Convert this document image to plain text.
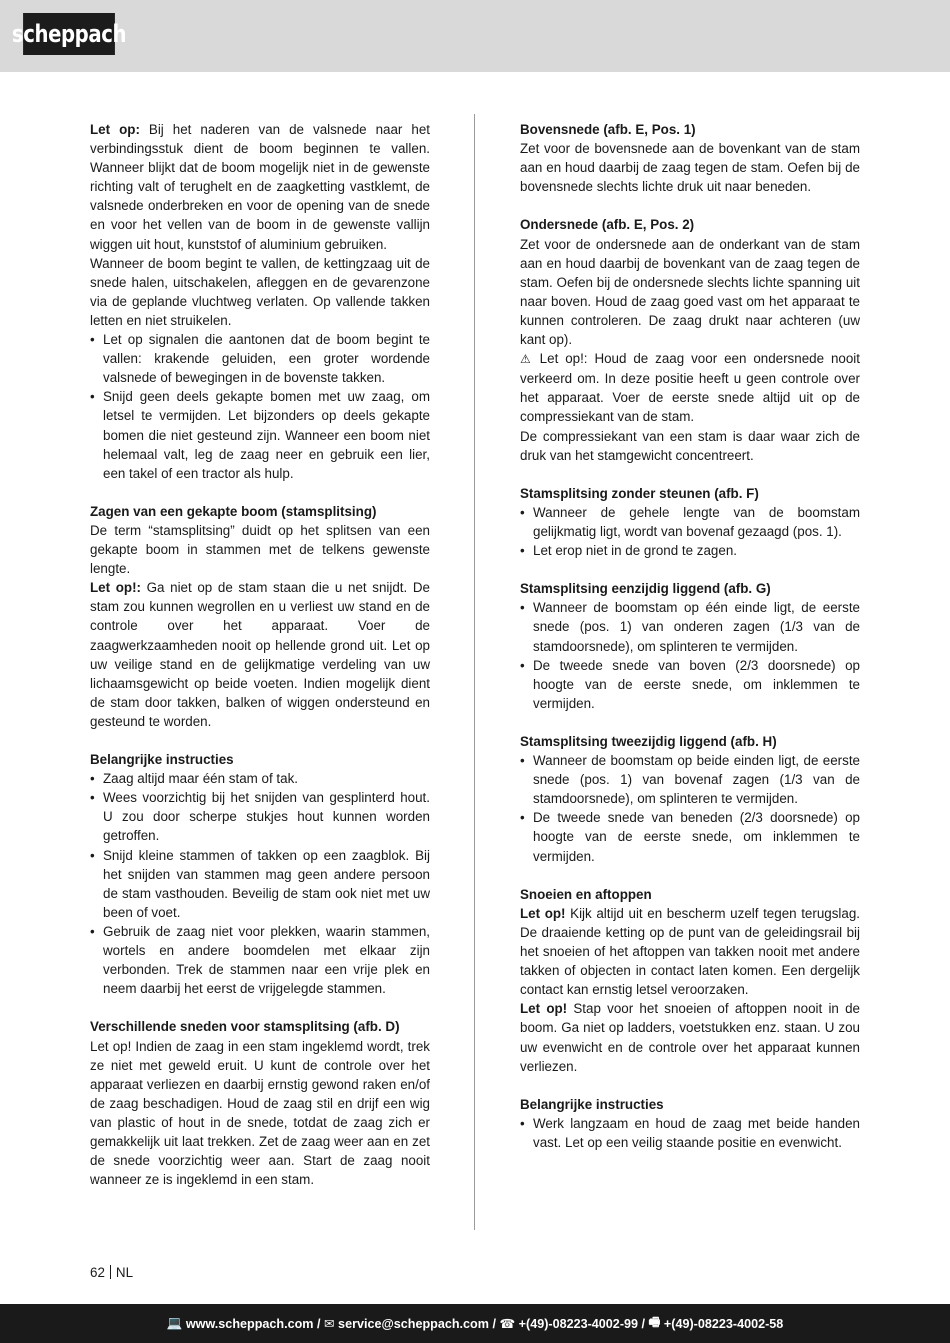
scheppach

Let op: Bij het naderen van de valsnede naar het verbindingsstuk dient de boom beginnen te vallen. Wanneer blijkt dat de boom mogelijk niet in de gewenste richting valt of terughelt en de zaagketting vastklemt, de valsnede onderbreken en voor de opening van de snede en voor het vellen van de boom in de gewenste vallijn wiggen uit hout, kunststof of aluminium gebruiken.

Wanneer de boom begint te vallen, de kettingzaag uit de snede halen, uitschakelen, afleggen en de gevarenzone via de geplande vluchtweg verlaten. Op vallende takken letten en niet struikelen.

• Let op signalen die aantonen dat de boom begint te vallen: krakende geluiden, een groter wordende valsnede of bewegingen in de bovenste takken.
• Snijd geen deels gekapte bomen met uw zaag, om letsel te vermijden. Let bijzonders op deels gekapte bomen die niet gesteund zijn. Wanneer een boom niet helemaal valt, leg de zaag neer en gebruik een lier, een takel of een tractor als hulp.

Zagen van een gekapte boom (stamsplitsing)

De term “stamsplitsing” duidt op het splitsen van een gekapte boom in stammen met de telkens gewenste lengte.

Let op!: Ga niet op de stam staan die u net snijdt. De stam zou kunnen wegrollen en u verliest uw stand en de controle over het apparaat. Voer de zaagwerkzaamheden nooit op hellende grond uit. Let op uw veilige stand en de gelijkmatige verdeling van uw lichaamsgewicht op beide voeten. Indien mogelijk dient de stam door takken, balken of wiggen ondersteund en gesteund te worden.

Belangrijke instructies

• Zaag altijd maar één stam of tak.
• Wees voorzichtig bij het snijden van gesplinterd hout. U zou door scherpe stukjes hout kunnen worden getroffen.
• Snijd kleine stammen of takken op een zaagblok. Bij het snijden van stammen mag geen andere persoon de stam vasthouden. Beveilig de stam ook niet met uw been of voet.
• Gebruik de zaag niet voor plekken, waarin stammen, wortels en andere boomdelen met elkaar zijn verbonden. Trek de stammen naar een vrije plek en neem daarbij het eerst de vrijgelegde stammen.

Verschillende sneden voor stamsplitsing (afb. D)

Let op! Indien de zaag in een stam ingeklemd wordt, trek ze niet met geweld eruit. U kunt de controle over het apparaat verliezen en daarbij ernstig gewond raken en/of de zaag beschadigen. Houd de zaag stil en drijf een wig van plastic of hout in de snede, totdat de zaag zich er gemakkelijk uit laat trekken. Zet de zaag weer aan en zet de snede voorzichtig weer aan. Start de zaag nooit wanneer ze is ingeklemd in een stam.

Bovensnede (afb. E, Pos. 1)

Zet voor de bovensnede aan de bovenkant van de stam aan en houd daarbij de zaag tegen de stam. Oefen bij de bovensnede slechts lichte druk uit naar beneden.

Ondersnede (afb. E, Pos. 2)

Zet voor de ondersnede aan de onderkant van de stam aan en houd daarbij de bovenkant van de zaag tegen de stam. Oefen bij de ondersnede slechts lichte spanning uit naar boven. Houd de zaag goed vast om het apparaat te kunnen controleren. De zaag drukt naar achteren (uw kant op).

⚠ Let op!: Houd de zaag voor een ondersnede nooit verkeerd om. In deze positie heeft u geen controle over het apparaat. Voer de eerste snede altijd uit op de compressiekant van de stam.

De compressiekant van een stam is daar waar zich de druk van het stamgewicht concentreert.

Stamsplitsing zonder steunen (afb. F)

• Wanneer de gehele lengte van de boomstam gelijkmatig ligt, wordt van bovenaf gezaagd (pos. 1).
• Let erop niet in de grond te zagen.

Stamsplitsing eenzijdig liggend (afb. G)

• Wanneer de boomstam op één einde ligt, de eerste snede (pos. 1) van onderen zagen (1/3 van de stamdoorsnede), om splinteren te vermijden.
• De tweede snede van boven (2/3 doorsnede) op hoogte van de eerste snede, om inklemmen te vermijden.

Stamsplitsing tweezijdig liggend (afb. H)

• Wanneer de boomstam op beide einden ligt, de eerste snede (pos. 1) van bovenaf zagen (1/3 van de stamdoorsnede), om splinteren te vermijden.
• De tweede snede van beneden (2/3 doorsnede) op hoogte van de eerste snede, om inklemmen te vermijden.

Snoeien en aftoppen

Let op! Kijk altijd uit en bescherm uzelf tegen terugslag. De draaiende ketting op de punt van de geleidingsrail bij het snoeien of het aftoppen van takken nooit met andere takken of objecten in contact laten komen. Een dergelijk contact kan ernstig letsel veroorzaken.

Let op! Stap voor het snoeien of aftoppen nooit in de boom. Ga niet op ladders, voetstukken enz. staan. U zou uw evenwicht en de controle over het apparaat kunnen verliezen.

Belangrijke instructies

• Werk langzaam en houd de zaag met beide handen vast. Let op een veilig staande positie en evenwicht.
62 NL
💻 www.scheppach.com / ✉ service@scheppach.com / ☎ +(49)-08223-4002-99 / 🖷 +(49)-08223-4002-58
